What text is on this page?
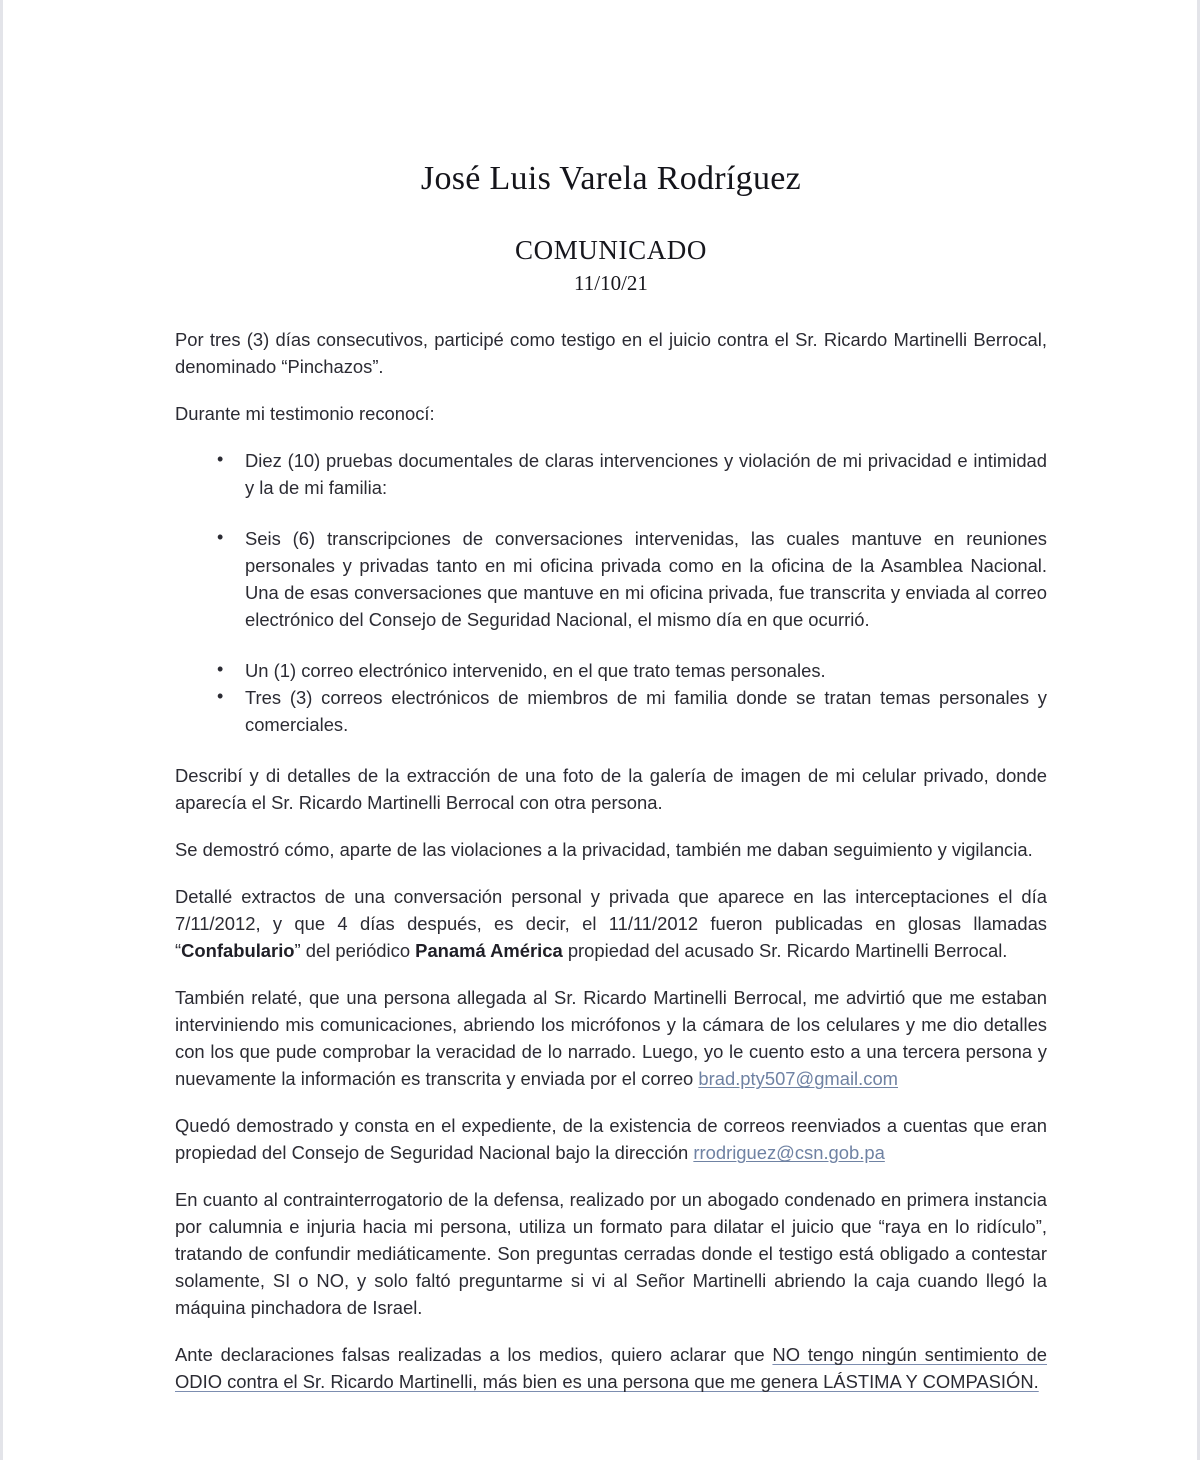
José Luis Varela Rodríguez
COMUNICADO
11/10/21

Por tres (3) días consecutivos, participé como testigo en el juicio contra el Sr. Ricardo Martinelli Berrocal, denominado “Pinchazos”.

Durante mi testimonio reconocí:

• Diez (10) pruebas documentales de claras intervenciones y violación de mi privacidad e intimidad y la de mi familia:
• Seis (6) transcripciones de conversaciones intervenidas, las cuales mantuve en reuniones personales y privadas tanto en mi oficina privada como en la oficina de la Asamblea Nacional. Una de esas conversaciones que mantuve en mi oficina privada, fue transcrita y enviada al correo electrónico del Consejo de Seguridad Nacional, el mismo día en que ocurrió.
• Un (1) correo electrónico intervenido, en el que trato temas personales.
• Tres (3) correos electrónicos de miembros de mi familia donde se tratan temas personales y comerciales.

Describí y di detalles de la extracción de una foto de la galería de imagen de mi celular privado, donde aparecía el Sr. Ricardo Martinelli Berrocal con otra persona.

Se demostró cómo, aparte de las violaciones a la privacidad, también me daban seguimiento y vigilancia.

Detallé extractos de una conversación personal y privada que aparece en las interceptaciones el día 7/11/2012, y que 4 días después, es decir, el 11/11/2012 fueron publicadas en glosas llamadas “Confabulario” del periódico Panamá América propiedad del acusado Sr. Ricardo Martinelli Berrocal.

También relaté, que una persona allegada al Sr. Ricardo Martinelli Berrocal, me advirtió que me estaban interviniendo mis comunicaciones, abriendo los micrófonos y la cámara de los celulares y me dio detalles con los que pude comprobar la veracidad de lo narrado. Luego, yo le cuento esto a una tercera persona y nuevamente la información es transcrita y enviada por el correo brad.pty507@gmail.com

Quedó demostrado y consta en el expediente, de la existencia de correos reenviados a cuentas que eran propiedad del Consejo de Seguridad Nacional bajo la dirección rrodriguez@csn.gob.pa

En cuanto al contrainterrogatorio de la defensa, realizado por un abogado condenado en primera instancia por calumnia e injuria hacia mi persona, utiliza un formato para dilatar el juicio que “raya en lo ridículo”, tratando de confundir mediáticamente. Son preguntas cerradas donde el testigo está obligado a contestar solamente, SI o NO, y solo faltó preguntarme si vi al Señor Martinelli abriendo la caja cuando llegó la máquina pinchadora de Israel.

Ante declaraciones falsas realizadas a los medios, quiero aclarar que NO tengo ningún sentimiento de ODIO contra el Sr. Ricardo Martinelli, más bien es una persona que me genera LÁSTIMA Y COMPASIÓN.
